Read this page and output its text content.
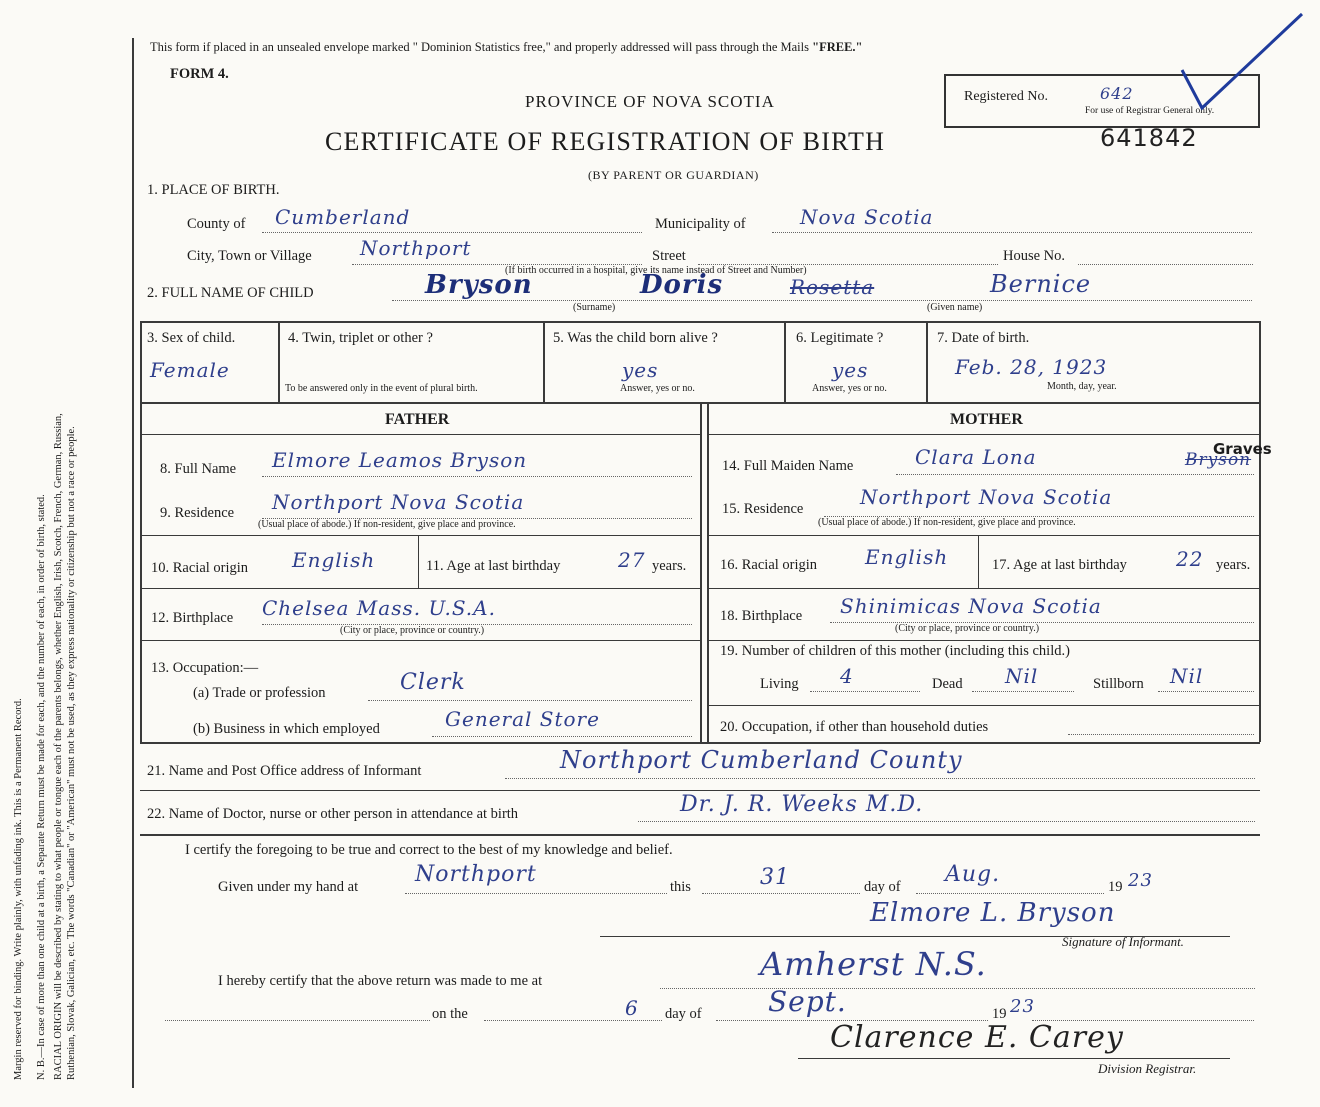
Margin reserved for binding. Write plainly, with unfading ink. This is a Permanent Record. N. B.—In case of more than one child at a birth, a Separate Return must be made for each, and the number of each, in order of birth, stated. RACIAL ORIGIN will be described by stating to what people or tongue each of the parents belongs, whether English, Irish, Scotch, French, German, Russian, Ruthenian, Slovak, Galician, etc. The words "Canadian" or "American" must not be used, as they express nationality or citizenship but not a race or people.
This form if placed in an unsealed envelope marked " Dominion Statistics free," and properly addressed will pass through the Mails "FREE."
FORM 4.
PROVINCE OF NOVA SCOTIA
CERTIFICATE OF REGISTRATION OF BIRTH
(BY PARENT OR GUARDIAN)
Registered No.	642
For use of Registrar General only.
641842
1. PLACE OF BIRTH.
County of Cumberland	Municipality of	Nova Scotia
City, Town or Village Northport	Street	House No.
(If birth occurred in a hospital, give its name instead of Street and Number)
2. FULL NAME OF CHILD	Bryson	Doris	Rosetta	Bernice
(Surname)	(Given name)
3. Sex of child.
Female
4. Twin, triplet or other ?
To be answered only in the event of plural birth.
5. Was the child born alive ?
yes
Answer, yes or no.
6. Legitimate ?
yes
Answer, yes or no.
7. Date of birth.
Feb. 28, 1923
Month, day, year.
FATHER
8. Full Name Elmore Leamos Bryson
9. Residence Northport Nova Scotia
(Usual place of abode.) If non-resident, give place and province.
10. Racial origin English	11. Age at last birthday	27 years.
12. Birthplace Chelsea Mass. U.S.A.
(City or place, province or country.)
13. Occupation:—
(a) Trade or profession	Clerk
(b) Business in which employed	General Store
MOTHER
14. Full Maiden Name	Clara Lona	Bryson
Graves
15. Residence	Northport Nova Scotia
(Usual place of abode.) If non-resident, give place and province.
16. Racial origin English	17. Age at last birthday 22 years.
18. Birthplace Shinimicas Nova Scotia
(City or place, province or country.)
19. Number of children of this mother (including this child.)
Living 4	Dead Nil	Stillborn Nil
20. Occupation, if other than household duties
21. Name and Post Office address of Informant	Northport Cumberland County
22. Name of Doctor, nurse or other person in attendance at birth	Dr. J. R. Weeks M.D.
I certify the foregoing to be true and correct to the best of my knowledge and belief.
Given under my hand at	Northport	this	31	day of Aug.	19 23
Elmore L. Bryson
Signature of Informant.
I hereby certify that the above return was made to me at	Amherst N.S.
on the	6 day of Sept.	19 23
Clarence E. Carey
Division Registrar.
